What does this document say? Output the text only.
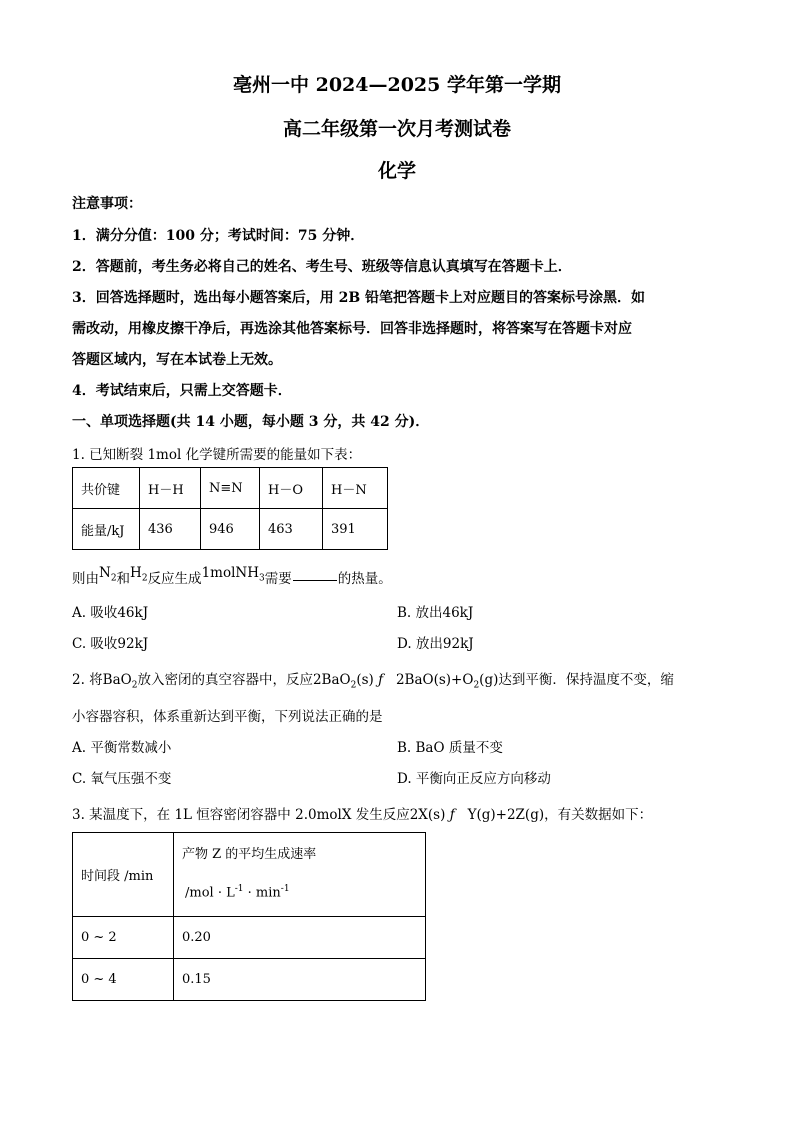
亳州一中 2024—2025 学年第一学期
高二年级第一次月考测试卷
化学
注意事项：
1．满分分值：100 分；考试时间：75 分钟．
2．答题前，考生务必将自己的姓名、考生号、班级等信息认真填写在答题卡上．
3．回答选择题时，选出每小题答案后，用 2B 铅笔把答题卡上对应题目的答案标号涂黑．如
需改动，用橡皮擦干净后，再选涂其他答案标号．回答非选择题时，将答案写在答题卡对应
答题区域内，写在本试卷上无效。
4．考试结束后，只需上交答题卡．
一、单项选择题(共 14 小题，每小题 3 分，共 42 分)．
1. 已知断裂 1mol 化学键所需要的能量如下表：
共价键	H－H	N≡N	H－O	H－N
能量/kJ	436	946	463	391
则由$N_2$和$H_2$反应生成1molNH$_3$需要	的热量。
A. 吸收46kJ	B. 放出46kJ
C. 吸收92kJ	D. 放出92kJ
2. 将BaO$_2$放入密闭的真空容器中，反应2BaO$_2$(s) ƒ $2BaO(s)+O_2(g)$达到平衡．保持温度不变，缩
小容器容积，体系重新达到平衡，下列说法正确的是
A. 平衡常数减小	B. BaO 质量不变
C. 氧气压强不变	D. 平衡向正反应方向移动
3. 某温度下，在 1L 恒容密闭容器中 2.0molX 发生反应2X(s) ƒ Y(g)+2Z(g)，有关数据如下：
时间段 /min	产物 Z 的平均生成速率
$/mol \cdot L^{-1} \cdot \min^{-1}$

0 ~ 2	0.20
0 ~ 4	0.15
